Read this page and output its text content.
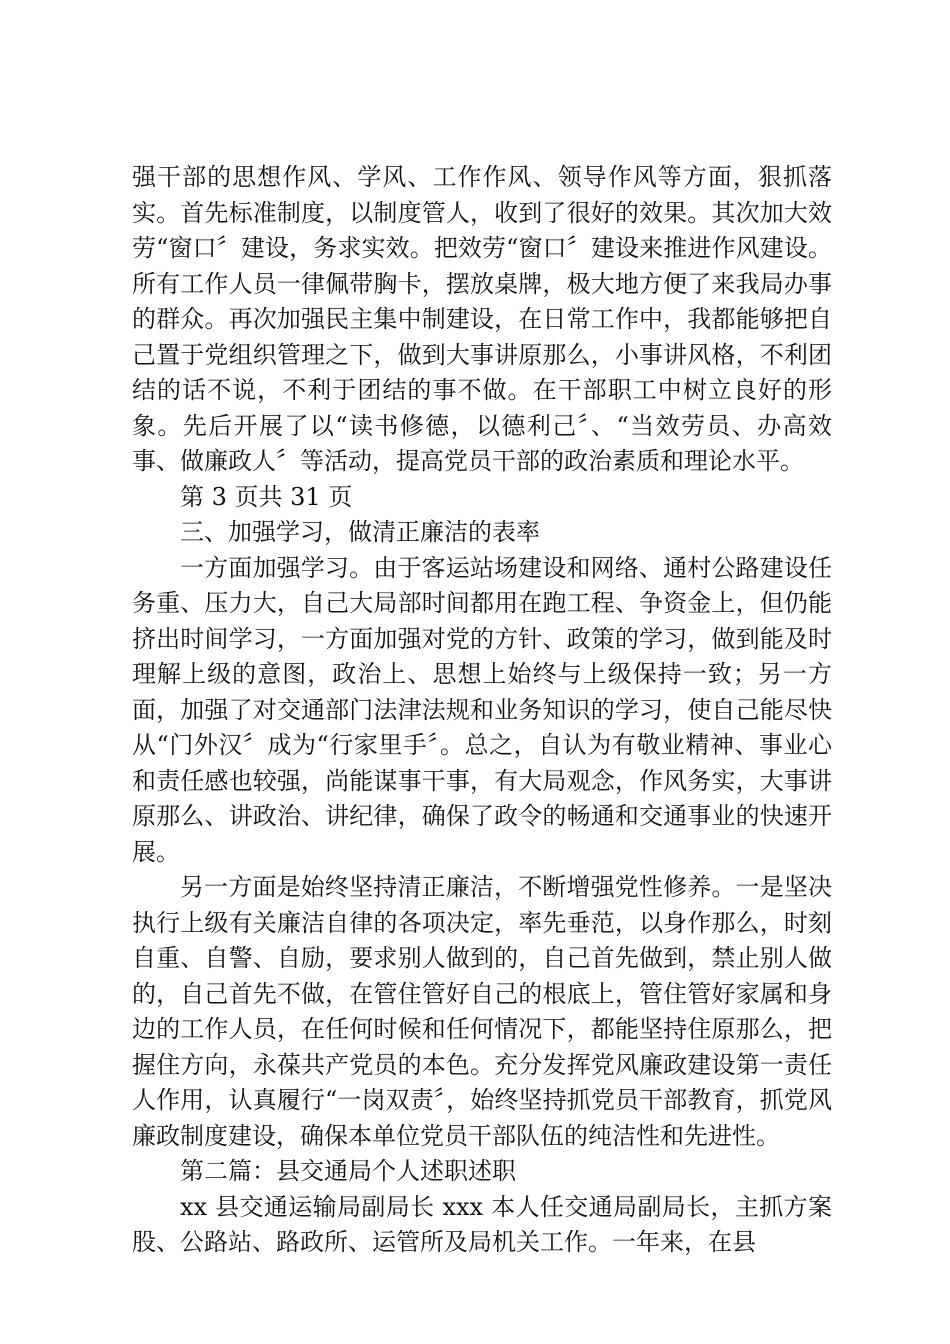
强干部的思想作风、学风、工作作风、领导作风等方面，狠抓落实。首先标准制度，以制度管人，收到了很好的效果。其次加大效劳“窗口〞建设，务求实效。把效劳“窗口〞建设来推进作风建设。所有工作人员一律佩带胸卡，摆放桌牌，极大地方便了来我局办事的群众。再次加强民主集中制建设，在日常工作中，我都能够把自己置于党组织管理之下，做到大事讲原那么，小事讲风格，不利团结的话不说，不利于团结的事不做。在干部职工中树立良好的形象。先后开展了以“读书修德，以德利己〞、“当效劳员、办高效事、做廉政人〞等活动，提高党员干部的政治素质和理论水平。

第 3 页共 31 页

三、加强学习，做清正廉洁的表率

一方面加强学习。由于客运站场建设和网络、通村公路建设任务重、压力大，自己大局部时间都用在跑工程、争资金上，但仍能挤出时间学习，一方面加强对党的方针、政策的学习，做到能及时理解上级的意图，政治上、思想上始终与上级保持一致；另一方面，加强了对交通部门法津法规和业务知识的学习，使自己能尽快从“门外汉〞成为“行家里手〞。总之，自认为有敬业精神、事业心和责任感也较强，尚能谋事干事，有大局观念，作风务实，大事讲原那么、讲政治、讲纪律，确保了政令的畅通和交通事业的快速开展。

另一方面是始终坚持清正廉洁，不断增强党性修养。一是坚决执行上级有关廉洁自律的各项决定，率先垂范，以身作那么，时刻自重、自警、自励，要求别人做到的，自己首先做到，禁止别人做的，自己首先不做，在管住管好自己的根底上，管住管好家属和身边的工作人员，在任何时候和任何情况下，都能坚持住原那么，把握住方向，永葆共产党员的本色。充分发挥党风廉政建设第一责任人作用，认真履行“一岗双责〞，始终坚持抓党员干部教育，抓党风廉政制度建设，确保本单位党员干部队伍的纯洁性和先进性。

第二篇：县交通局个人述职述职

xx 县交通运输局副局长 xxx 本人任交通局副局长，主抓方案股、公路站、路政所、运管所及局机关工作。一年来，在县
